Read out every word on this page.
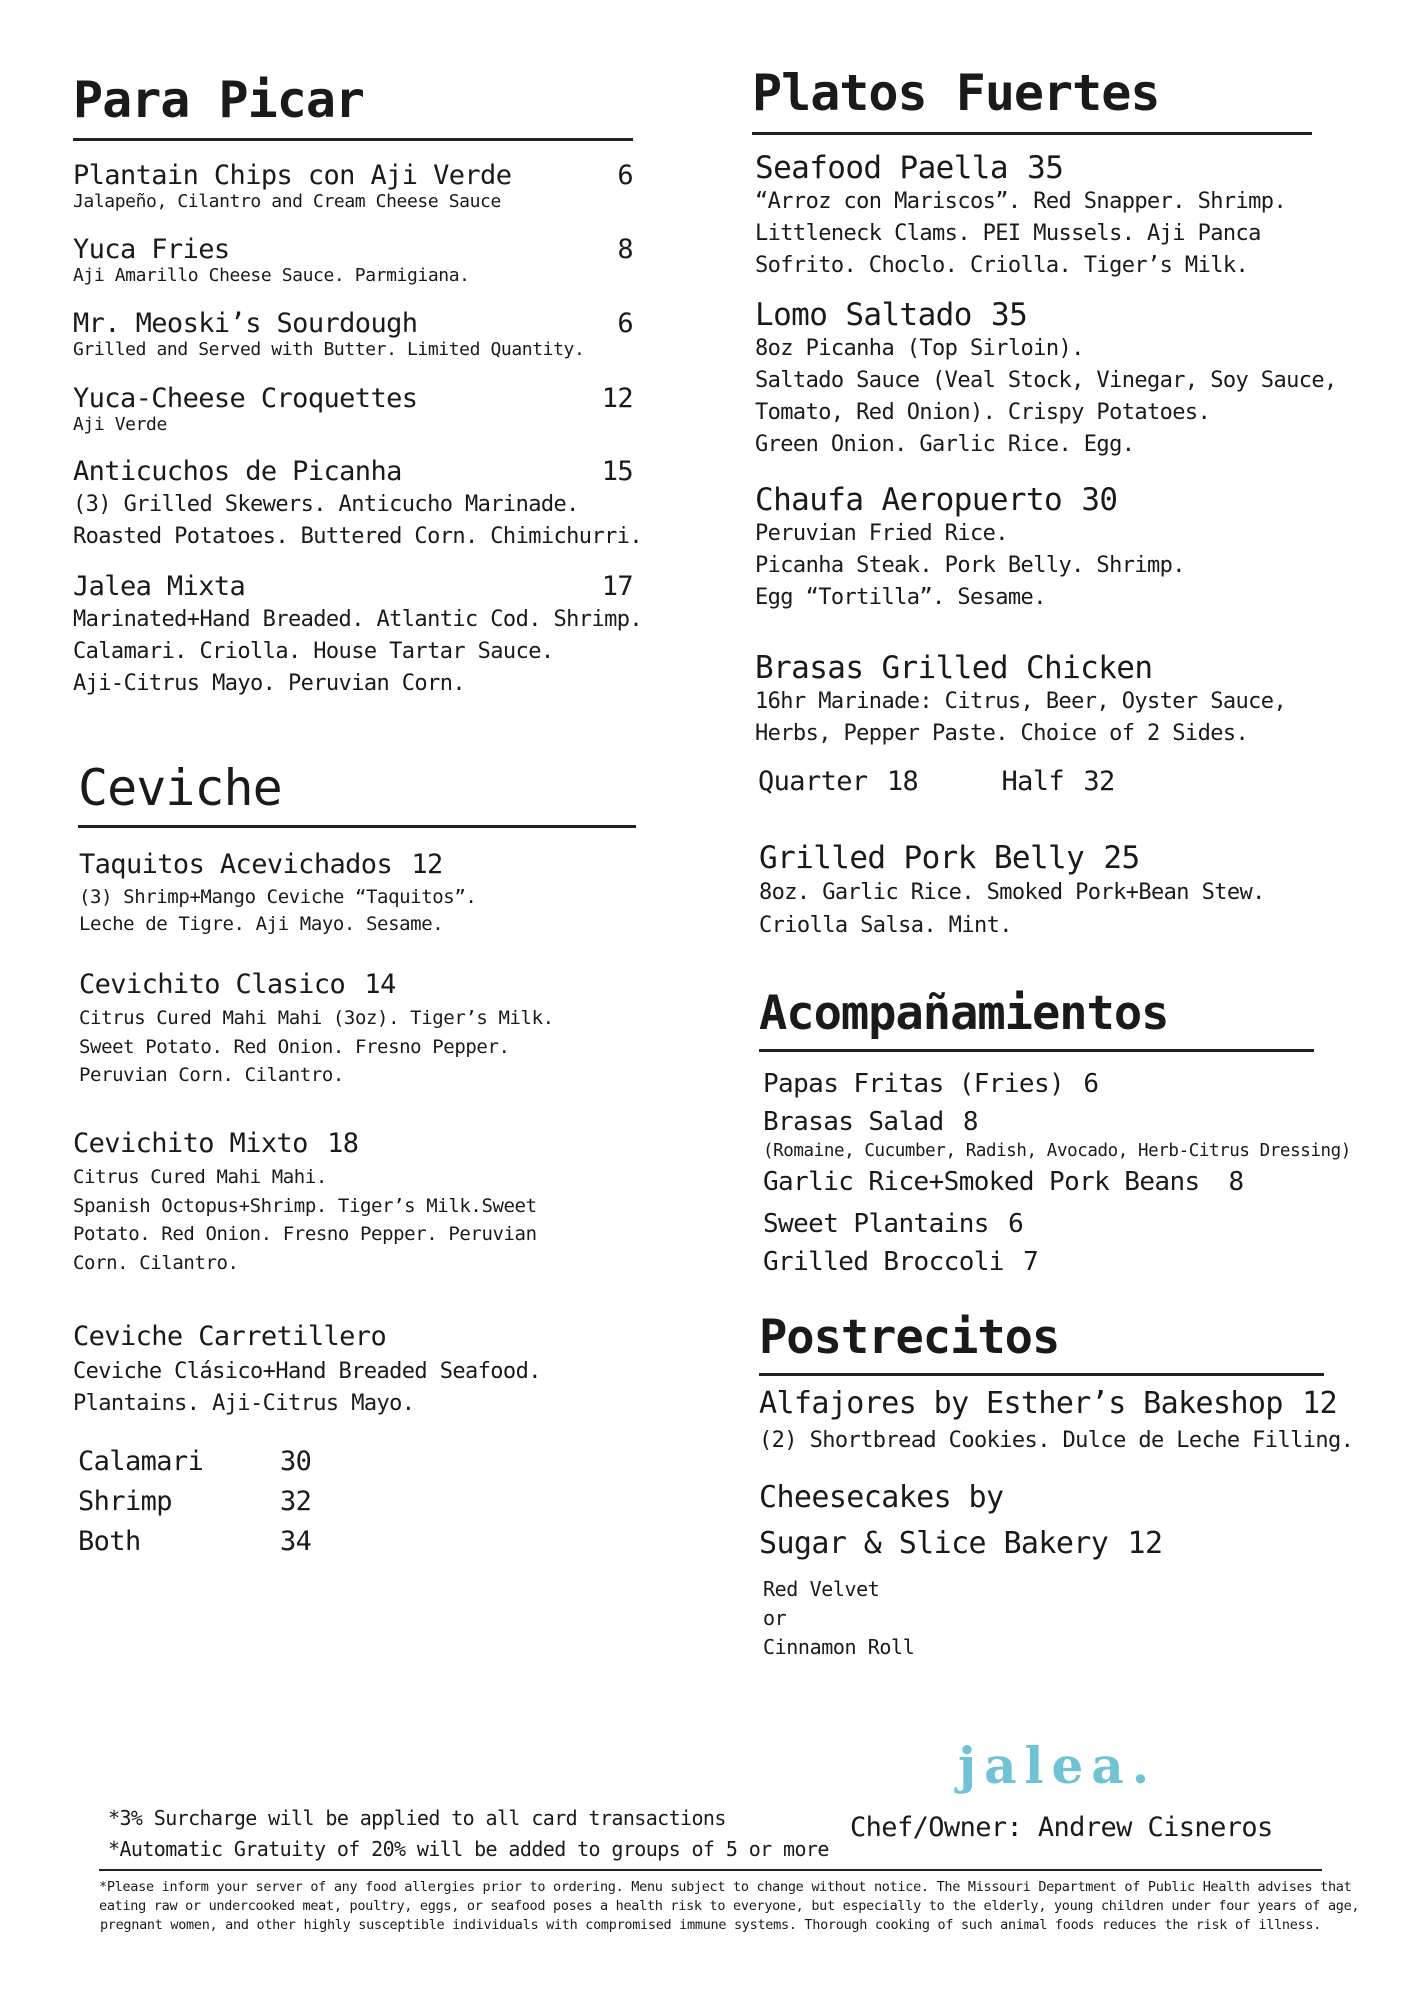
Para Picar
Plantain Chips con Aji Verde	6
Jalapeño, Cilantro and Cream Cheese Sauce
Yuca Fries	8
Aji Amarillo Cheese Sauce. Parmigiana.
Mr. Meoski’s Sourdough	6
Grilled and Served with Butter. Limited Quantity.
Yuca-Cheese Croquettes	12
Aji Verde
Anticuchos de Picanha	15
(3) Grilled Skewers. Anticucho Marinade.
Roasted Potatoes. Buttered Corn. Chimichurri.
Jalea Mixta	17
Marinated+Hand Breaded. Atlantic Cod. Shrimp.
Calamari. Criolla. House Tartar Sauce.
Aji-Citrus Mayo. Peruvian Corn.
Ceviche
Taquitos Acevichados 12
(3) Shrimp+Mango Ceviche “Taquitos”.
Leche de Tigre. Aji Mayo. Sesame.
Cevichito Clasico 14
Citrus Cured Mahi Mahi (3oz). Tiger’s Milk.
Sweet Potato. Red Onion. Fresno Pepper.
Peruvian Corn. Cilantro.
Cevichito Mixto 18
Citrus Cured Mahi Mahi.
Spanish Octopus+Shrimp. Tiger’s Milk.Sweet
Potato. Red Onion. Fresno Pepper. Peruvian
Corn. Cilantro.
Ceviche Carretillero
Ceviche Clásico+Hand Breaded Seafood.
Plantains. Aji-Citrus Mayo.
Calamari	30
Shrimp	32
Both	34
Platos Fuertes
Seafood Paella 35
“Arroz con Mariscos”. Red Snapper. Shrimp.
Littleneck Clams. PEI Mussels. Aji Panca
Sofrito. Choclo. Criolla. Tiger’s Milk.
Lomo Saltado 35
8oz Picanha (Top Sirloin).
Saltado Sauce (Veal Stock, Vinegar, Soy Sauce,
Tomato, Red Onion). Crispy Potatoes.
Green Onion. Garlic Rice. Egg.
Chaufa Aeropuerto 30
Peruvian Fried Rice.
Picanha Steak. Pork Belly. Shrimp.
Egg “Tortilla”. Sesame.
Brasas Grilled Chicken
16hr Marinade: Citrus, Beer, Oyster Sauce,
Herbs, Pepper Paste. Choice of 2 Sides.
Quarter 18	Half 32
Grilled Pork Belly 25
8oz. Garlic Rice. Smoked Pork+Bean Stew.
Criolla Salsa. Mint.
Acompañamientos
Papas Fritas (Fries) 6
Brasas Salad 8
(Romaine, Cucumber, Radish, Avocado, Herb-Citrus Dressing)
Garlic Rice+Smoked Pork Beans 8
Sweet Plantains 6
Grilled Broccoli 7
Postrecitos
Alfajores by Esther’s Bakeshop 12
(2) Shortbread Cookies. Dulce de Leche Filling.
Cheesecakes by
Sugar & Slice Bakery 12
Red Velvet
or
Cinnamon Roll
jalea.
*3% Surcharge will be applied to all card transactions
*Automatic Gratuity of 20% will be added to groups of 5 or more
Chef/Owner: Andrew Cisneros
*Please inform your server of any food allergies prior to ordering. Menu subject to change without notice. The Missouri Department of Public Health advises that
eating raw or undercooked meat, poultry, eggs, or seafood poses a health risk to everyone, but especially to the elderly, young children under four years of age,
pregnant women, and other highly susceptible individuals with compromised immune systems. Thorough cooking of such animal foods reduces the risk of illness.
